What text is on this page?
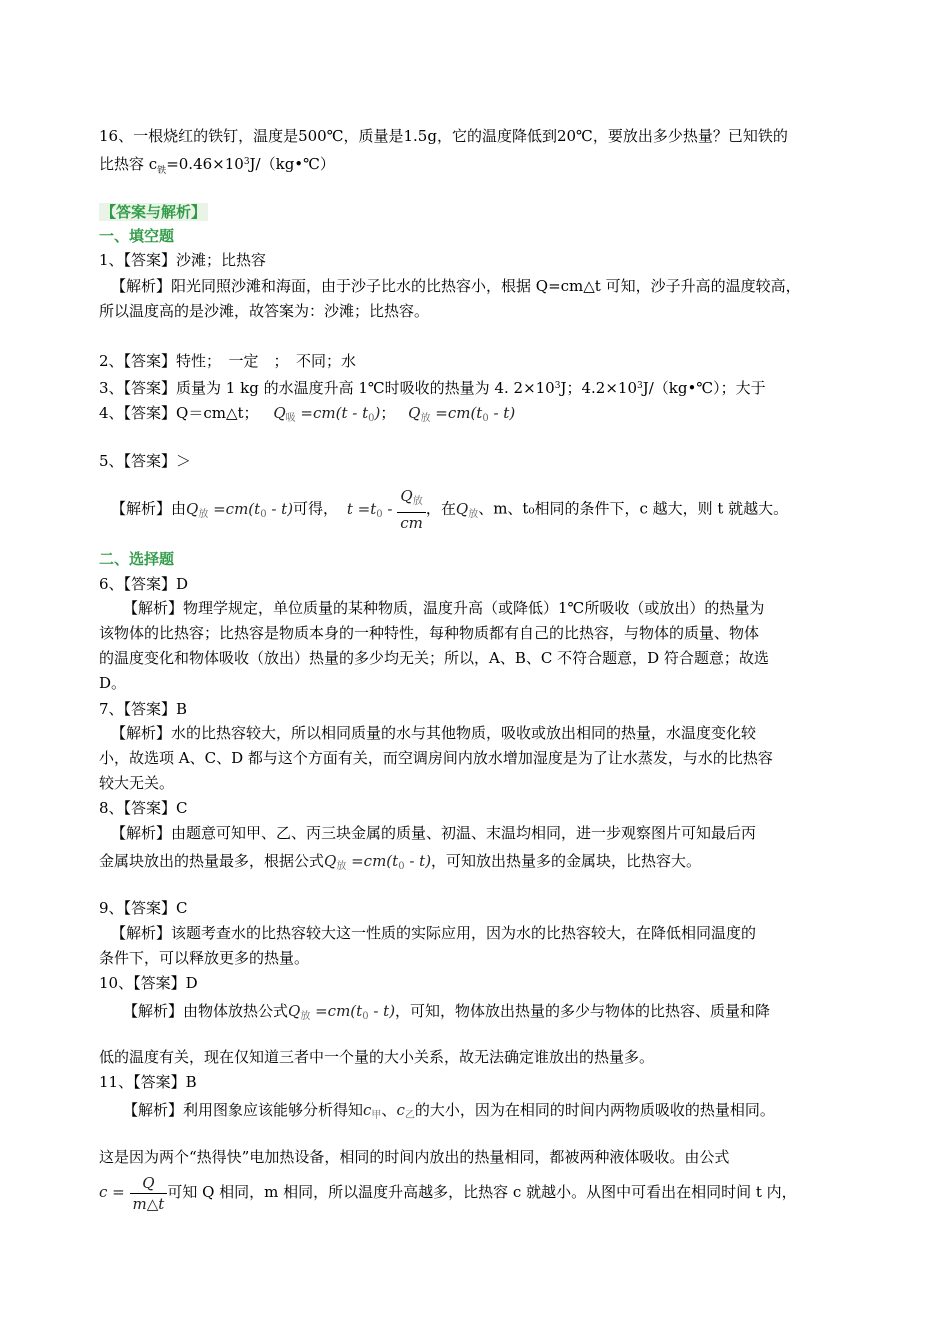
16、一根烧红的铁钉，温度是500℃，质量是1.5g，它的温度降低到20℃，要放出多少热量？已知铁的
比热容 $c_铁=0.46\times 10^3J/(kg•℃)$
【答案与解析】
一、填空题
1、【答案】沙滩；比热容
【解析】阳光同照沙滩和海面，由于沙子比水的比热容小，根据 Q=cm△t 可知，沙子升高的温度较高，
所以温度高的是沙滩，故答案为：沙滩；比热容。
2、【答案】特性；　一定　；　不同；水
3、【答案】质量为 1 kg 的水温度升高 1℃时吸收的热量为 4. $2\times 10^3J$；$4.2\times 10^3J/(kg•℃)$；大于
4、【答案】Q＝cm△t； $Q_吸 =cm(t - t_0)$； $Q_放 =cm(t_0 - t)$
5、【答案】＞
【解析】由$Q_放 =cm(t_0 - t)$可得， $t =t_0 - \frac{Q_放}{cm}$ ，在$Q_放$、m、t₀相同的条件下，c 越大，则 t 就越大。
二、选择题
6、【答案】D
【解析】物理学规定，单位质量的某种物质，温度升高（或降低）1℃所吸收（或放出）的热量为
该物体的比热容；比热容是物质本身的一种特性，每种物质都有自己的比热容，与物体的质量、物体
的温度变化和物体吸收（放出）热量的多少均无关；所以，A、B、C 不符合题意，D 符合题意；故选
D。
7、【答案】B
【解析】水的比热容较大，所以相同质量的水与其他物质，吸收或放出相同的热量，水温度变化较
小，故选项 A、C、D 都与这个方面有关，而空调房间内放水增加湿度是为了让水蒸发，与水的比热容
较大无关。
8、【答案】C
【解析】由题意可知甲、乙、丙三块金属的质量、初温、末温均相同，进一步观察图片可知最后丙
金属块放出的热量最多，根据公式$Q_放 =cm(t_0 - t)$，可知放出热量多的金属块，比热容大。
9、【答案】C
【解析】该题考查水的比热容较大这一性质的实际应用，因为水的比热容较大，在降低相同温度的
条件下，可以释放更多的热量。
10、【答案】D
【解析】由物体放热公式$Q_放 =cm(t_0 - t)$，可知，物体放出热量的多少与物体的比热容、质量和降
低的温度有关，现在仅知道三者中一个量的大小关系，故无法确定谁放出的热量多。
11、【答案】B
【解析】利用图象应该能够分析得知$c_甲$、$c_乙$的大小，因为在相同的时间内两物质吸收的热量相同。
这是因为两个“热得快”电加热设备，相同的时间内放出的热量相同，都被两种液体吸收。由公式
$c = \frac{Q}{m\triangle t}$ 可知 Q 相同，m 相同，所以温度升高越多，比热容 c 就越小。从图中可看出在相同时间 t 内，
